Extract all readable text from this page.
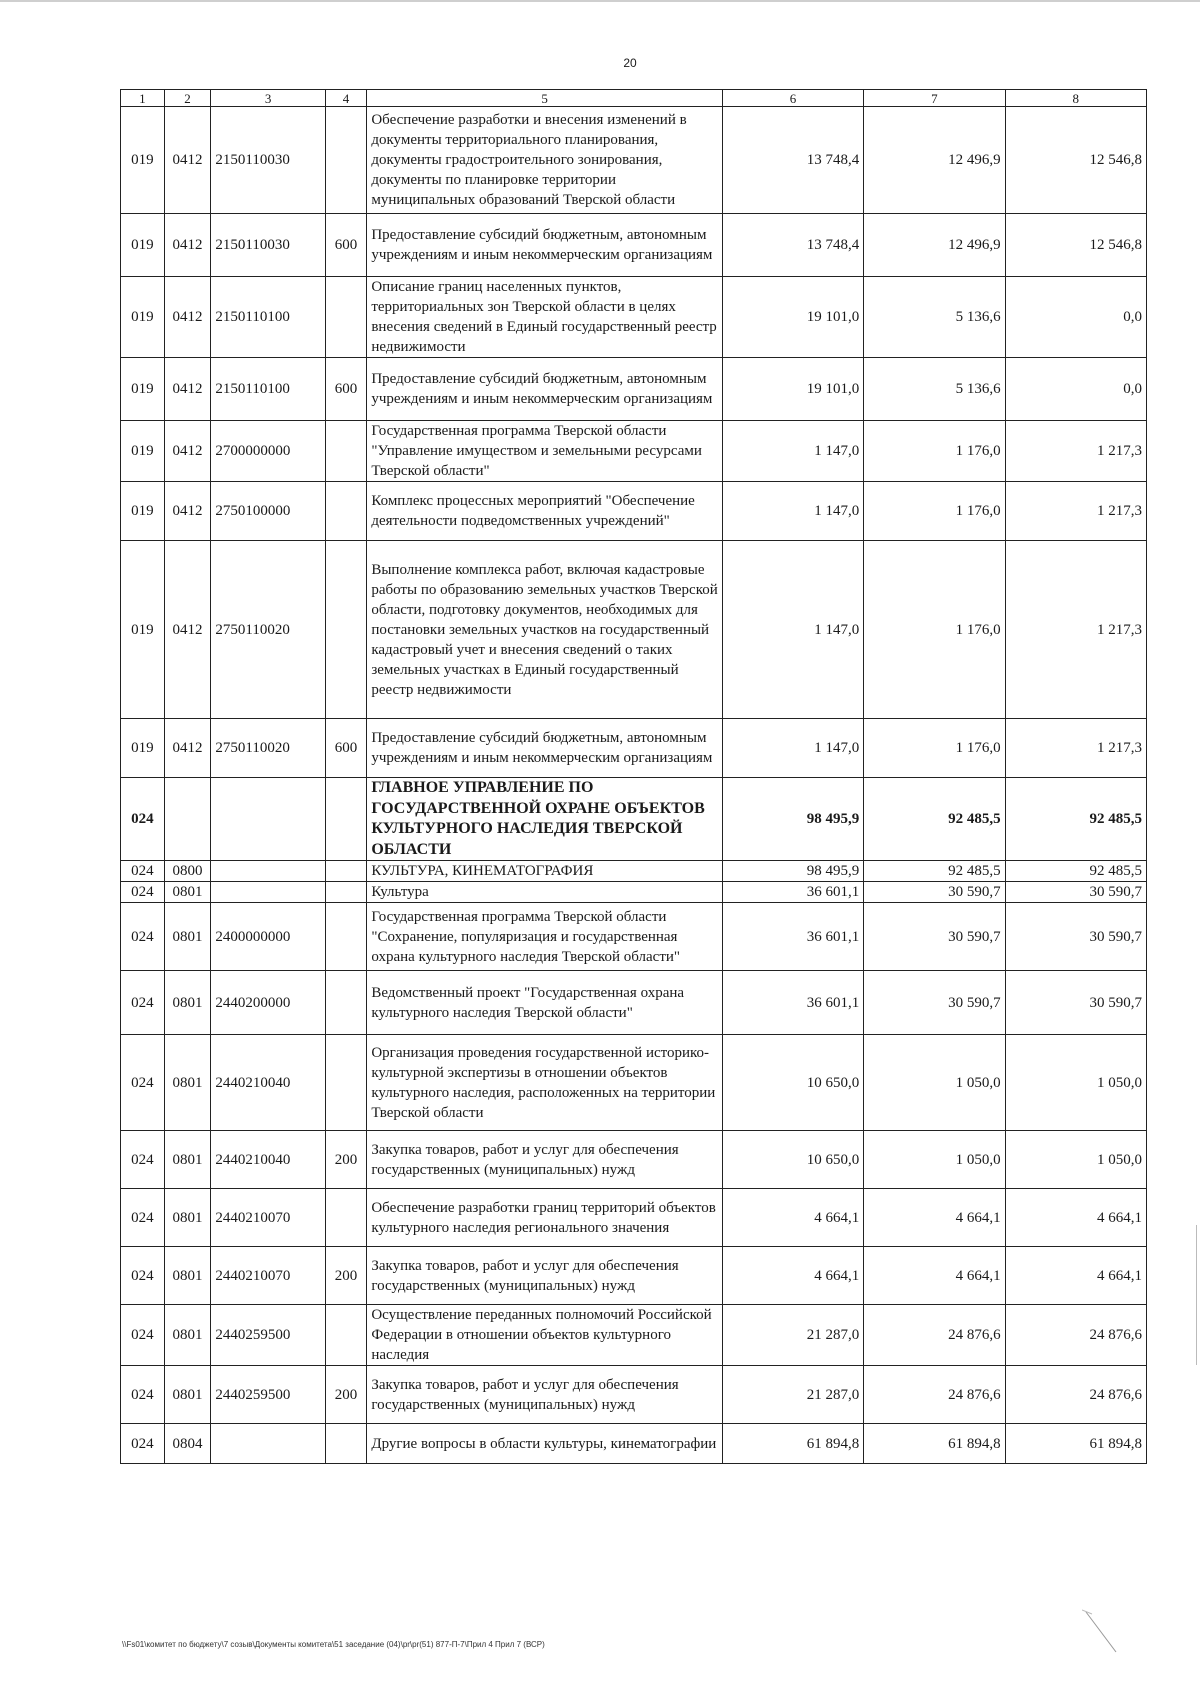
20
1	2	3	4	5	6	7	8
019	0412	2150110030		Обеспечение разработки и внесения изменений в документы территориального планирования, документы градостроительного зонирования, документы по планировке территории муниципальных образований Тверской области	13 748,4	12 496,9	12 546,8
019	0412	2150110030	600	Предоставление субсидий бюджетным, автономным учреждениям и иным некоммерческим организациям	13 748,4	12 496,9	12 546,8
019	0412	2150110100		Описание границ населенных пунктов, территориальных зон Тверской области в целях внесения сведений в Единый государственный реестр недвижимости	19 101,0	5 136,6	0,0
019	0412	2150110100	600	Предоставление субсидий бюджетным, автономным учреждениям и иным некоммерческим организациям	19 101,0	5 136,6	0,0
019	0412	2700000000		Государственная программа Тверской области "Управление имуществом и земельными ресурсами Тверской области"	1 147,0	1 176,0	1 217,3
019	0412	2750100000		Комплекс процессных мероприятий "Обеспечение деятельности подведомственных учреждений"	1 147,0	1 176,0	1 217,3
019	0412	2750110020		Выполнение комплекса работ, включая кадастровые работы по образованию земельных участков Тверской области, подготовку документов, необходимых для постановки земельных участков на государственный кадастровый учет и внесения сведений о таких земельных участках в Единый государственный реестр недвижимости	1 147,0	1 176,0	1 217,3
019	0412	2750110020	600	Предоставление субсидий бюджетным, автономным учреждениям и иным некоммерческим организациям	1 147,0	1 176,0	1 217,3
024				ГЛАВНОЕ УПРАВЛЕНИЕ ПО ГОСУДАРСТВЕННОЙ ОХРАНЕ ОБЪЕКТОВ КУЛЬТУРНОГО НАСЛЕДИЯ ТВЕРСКОЙ ОБЛАСТИ	98 495,9	92 485,5	92 485,5
024	0800			КУЛЬТУРА, КИНЕМАТОГРАФИЯ	98 495,9	92 485,5	92 485,5
024	0801			Культура	36 601,1	30 590,7	30 590,7
024	0801	2400000000		Государственная программа Тверской области "Сохранение, популяризация и государственная охрана культурного наследия Тверской области"	36 601,1	30 590,7	30 590,7
024	0801	2440200000		Ведомственный проект "Государственная охрана культурного наследия Тверской области"	36 601,1	30 590,7	30 590,7
024	0801	2440210040		Организация проведения государственной историко-культурной экспертизы в отношении объектов культурного наследия, расположенных на территории Тверской области	10 650,0	1 050,0	1 050,0
024	0801	2440210040	200	Закупка товаров, работ и услуг для обеспечения государственных (муниципальных) нужд	10 650,0	1 050,0	1 050,0
024	0801	2440210070		Обеспечение разработки границ территорий объектов культурного наследия регионального значения	4 664,1	4 664,1	4 664,1
024	0801	2440210070	200	Закупка товаров, работ и услуг для обеспечения государственных (муниципальных) нужд	4 664,1	4 664,1	4 664,1
024	0801	2440259500		Осуществление переданных полномочий Российской Федерации в отношении объектов культурного наследия	21 287,0	24 876,6	24 876,6
024	0801	2440259500	200	Закупка товаров, работ и услуг для обеспечения государственных (муниципальных) нужд	21 287,0	24 876,6	24 876,6
024	0804			Другие вопросы в области культуры, кинематографии	61 894,8	61 894,8	61 894,8
\\Fs01\комитет по бюджету\7 созыв\Документы комитета\51 заседание (04)\pr\pr(51) 877-П-7\Прил 4 Прил 7 (ВСР)
